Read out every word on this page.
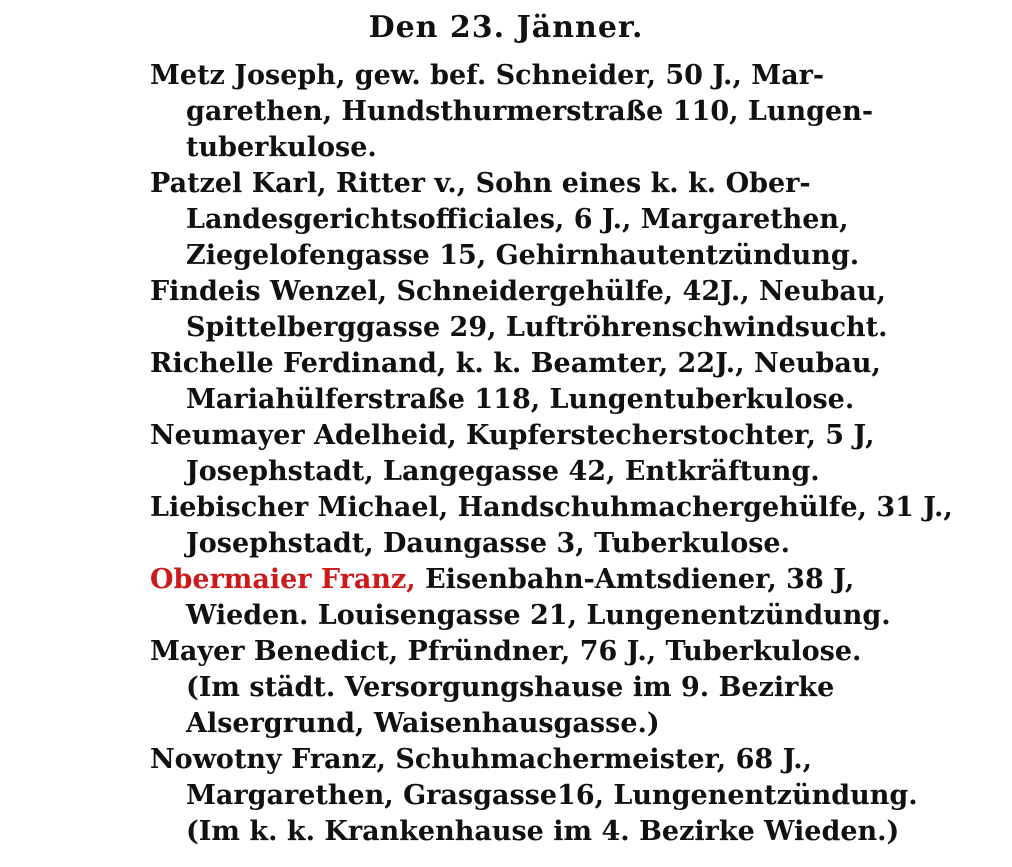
Den 23. Jänner.
Metz Joseph, gew. bef. Schneider, 50 J., Mar-
garethen, Hundsthurmerstraße 110, Lungen-
tuberkulose.
Patzel Karl, Ritter v., Sohn eines k. k. Ober-
Landesgerichtsofficiales, 6 J., Margarethen,
Ziegelofengasse 15, Gehirnhautentzündung.
Findeis Wenzel, Schneidergehülfe, 42J., Neubau,
Spittelberggasse 29, Luftröhrenschwindsucht.
Richelle Ferdinand, k. k. Beamter, 22J., Neubau,
Mariahülferstraße 118, Lungentuberkulose.
Neumayer Adelheid, Kupferstecherstochter, 5 J,
Josephstadt, Langegasse 42, Entkräftung.
Liebischer Michael, Handschuhmachergehülfe, 31 J.,
Josephstadt, Daungasse 3, Tuberkulose.
Obermaier Franz, Eisenbahn-Amtsdiener, 38 J,
Wieden. Louisengasse 21, Lungenentzündung.
Mayer Benedict, Pfründner, 76 J., Tuberkulose.
(Im städt. Versorgungshause im 9. Bezirke
Alsergrund, Waisenhausgasse.)
Nowotny Franz, Schuhmachermeister, 68 J.,
Margarethen, Grasgasse16, Lungenentzündung.
(Im k. k. Krankenhause im 4. Bezirke Wieden.)
